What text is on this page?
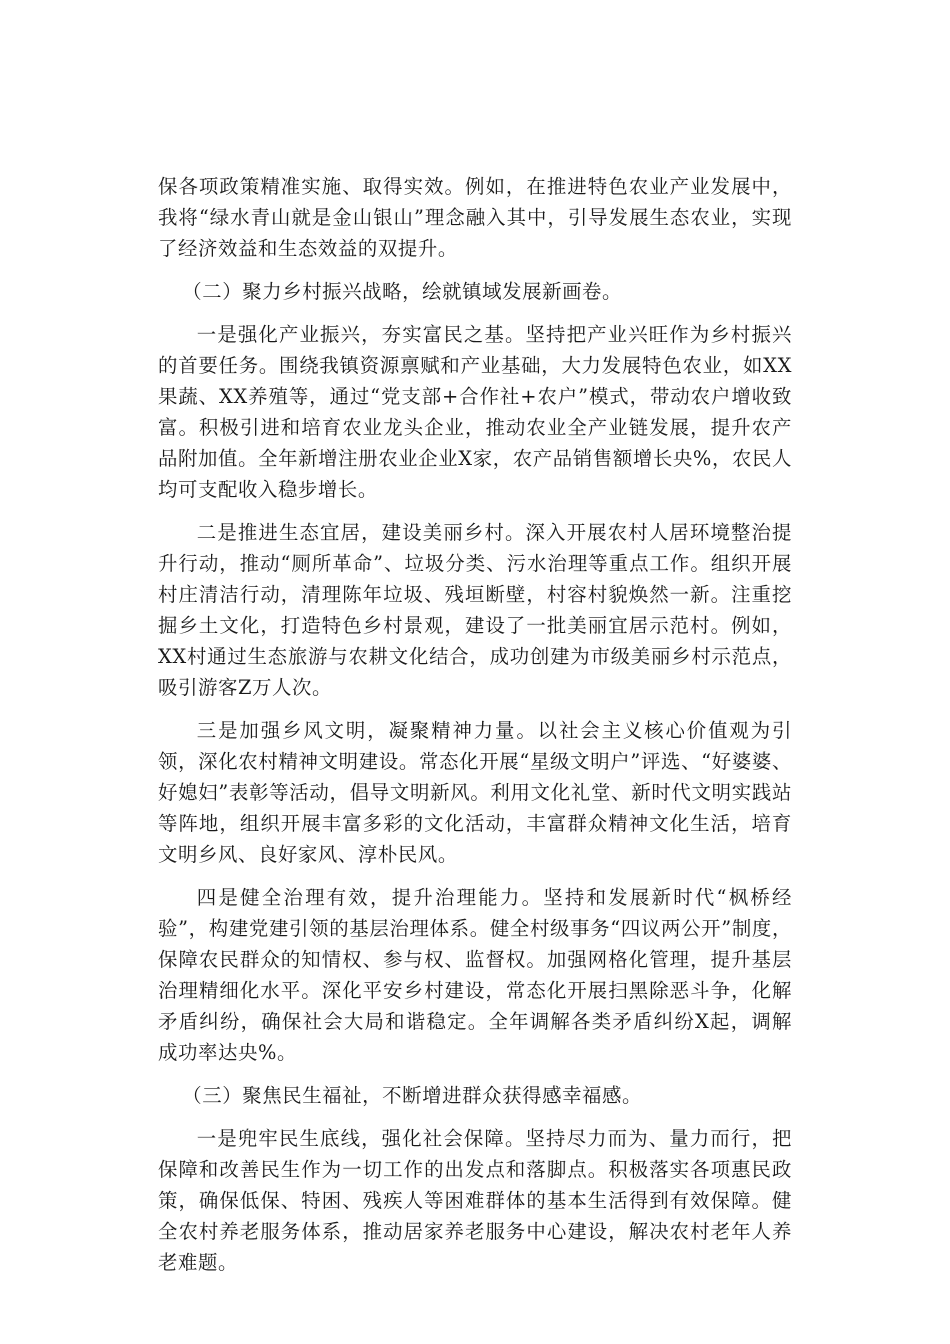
保各项政策精准实施、取得实效。例如，在推进特色农业产业发展中，我将“绿水青山就是金山银山”理念融入其中，引导发展生态农业，实现了经济效益和生态效益的双提升。

（二）聚力乡村振兴战略，绘就镇域发展新画卷。

一是强化产业振兴，夯实富民之基。坚持把产业兴旺作为乡村振兴的首要任务。围绕我镇资源禀赋和产业基础，大力发展特色农业，如XX果蔬、XX养殖等，通过“党支部+合作社+农户”模式，带动农户增收致富。积极引进和培育农业龙头企业，推动农业全产业链发展，提升农产品附加值。全年新增注册农业企业X家，农产品销售额增长央%，农民人均可支配收入稳步增长。

二是推进生态宜居，建设美丽乡村。深入开展农村人居环境整治提升行动，推动“厕所革命”、垃圾分类、污水治理等重点工作。组织开展村庄清洁行动，清理陈年垃圾、残垣断壁，村容村貌焕然一新。注重挖掘乡土文化，打造特色乡村景观，建设了一批美丽宜居示范村。例如，XX村通过生态旅游与农耕文化结合，成功创建为市级美丽乡村示范点，吸引游客Z万人次。

三是加强乡风文明，凝聚精神力量。以社会主义核心价值观为引领，深化农村精神文明建设。常态化开展“星级文明户”评选、“好婆婆、好媳妇”表彰等活动，倡导文明新风。利用文化礼堂、新时代文明实践站等阵地，组织开展丰富多彩的文化活动，丰富群众精神文化生活，培育文明乡风、良好家风、淳朴民风。

四是健全治理有效，提升治理能力。坚持和发展新时代“枫桥经验”，构建党建引领的基层治理体系。健全村级事务“四议两公开”制度，保障农民群众的知情权、参与权、监督权。加强网格化管理，提升基层治理精细化水平。深化平安乡村建设，常态化开展扫黑除恶斗争，化解矛盾纠纷，确保社会大局和谐稳定。全年调解各类矛盾纠纷X起，调解成功率达央%。

（三）聚焦民生福祉，不断增进群众获得感幸福感。

一是兜牢民生底线，强化社会保障。坚持尽力而为、量力而行，把保障和改善民生作为一切工作的出发点和落脚点。积极落实各项惠民政策，确保低保、特困、残疾人等困难群体的基本生活得到有效保障。健全农村养老服务体系，推动居家养老服务中心建设，解决农村老年人养老难题。
